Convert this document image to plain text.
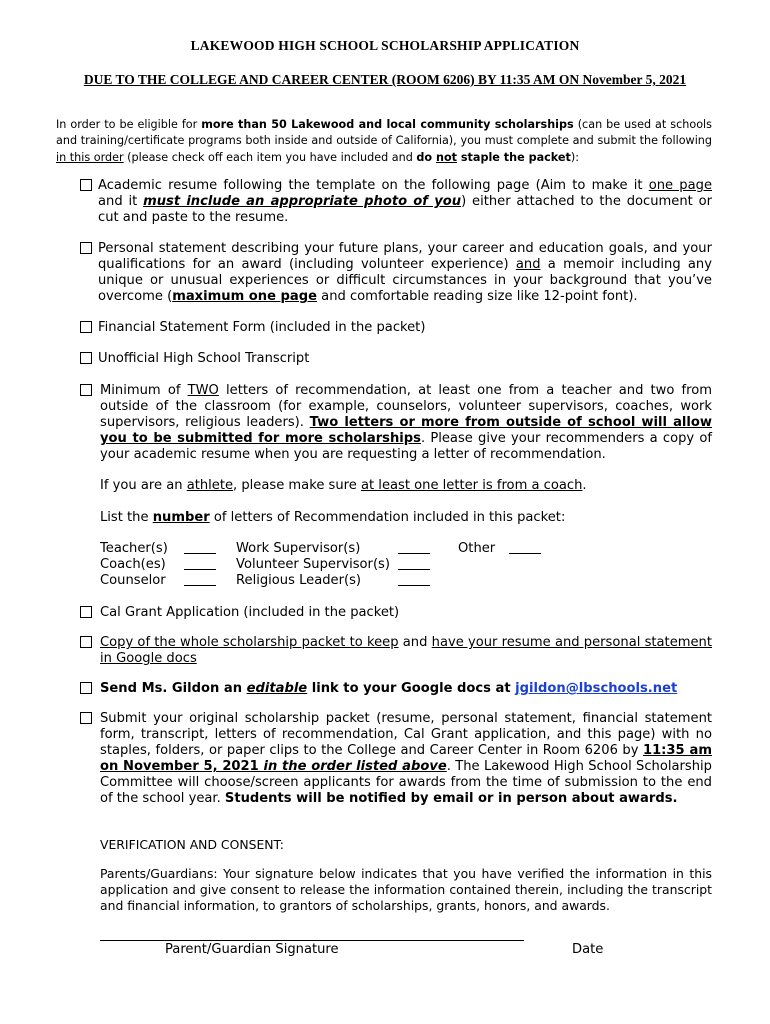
LAKEWOOD HIGH SCHOOL SCHOLARSHIP APPLICATION
DUE TO THE COLLEGE AND CAREER CENTER (ROOM 6206) BY 11:35 AM ON November 5, 2021
In order to be eligible for more than 50 Lakewood and local community scholarships (can be used at schools and training/certificate programs both inside and outside of California), you must complete and submit the following in this order (please check off each item you have included and do not staple the packet):
Academic resume following the template on the following page (Aim to make it one page and it must include an appropriate photo of you) either attached to the document or cut and paste to the resume.
Personal statement describing your future plans, your career and education goals, and your qualifications for an award (including volunteer experience) and a memoir including any unique or unusual experiences or difficult circumstances in your background that you’ve overcome (maximum one page and comfortable reading size like 12-point font).
Financial Statement Form (included in the packet)
Unofficial High School Transcript
Minimum of TWO letters of recommendation, at least one from a teacher and two from outside of the classroom (for example, counselors, volunteer supervisors, coaches, work supervisors, religious leaders). Two letters or more from outside of school will allow you to be submitted for more scholarships. Please give your recommenders a copy of your academic resume when you are requesting a letter of recommendation.
If you are an athlete, please make sure at least one letter is from a coach.
List the number of letters of Recommendation included in this packet:
Teacher(s)
Coach(es)
Counselor
Work Supervisor(s)
Volunteer Supervisor(s)
Religious Leader(s)
Other
Cal Grant Application (included in the packet)
Copy of the whole scholarship packet to keep and have your resume and personal statement in Google docs
Send Ms. Gildon an editable link to your Google docs at jgildon@lbschools.net
Submit your original scholarship packet (resume, personal statement, financial statement form, transcript, letters of recommendation, Cal Grant application, and this page) with no staples, folders, or paper clips to the College and Career Center in Room 6206 by 11:35 am on November 5, 2021 in the order listed above. The Lakewood High School Scholarship Committee will choose/screen applicants for awards from the time of submission to the end of the school year. Students will be notified by email or in person about awards.
VERIFICATION AND CONSENT:
Parents/Guardians: Your signature below indicates that you have verified the information in this application and give consent to release the information contained therein, including the transcript and financial information, to grantors of scholarships, grants, honors, and awards.
Parent/Guardian Signature	Date
